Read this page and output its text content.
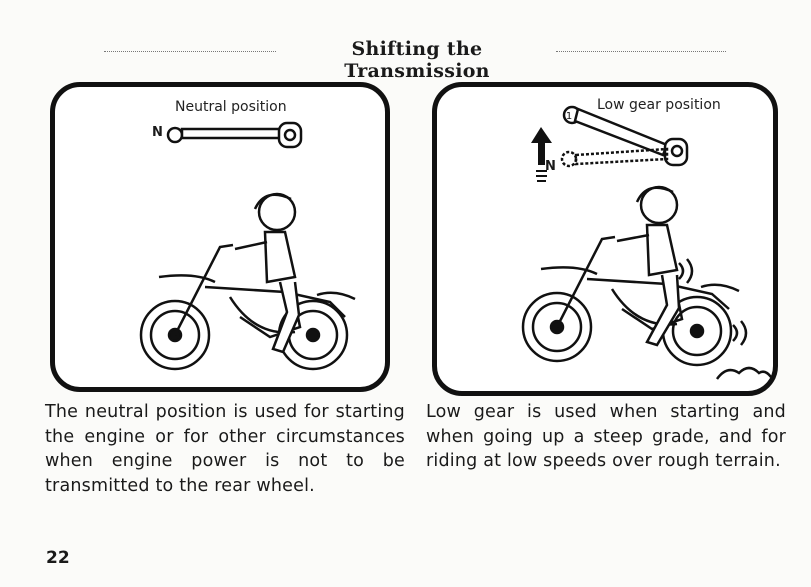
Shifting the Transmission
Neutral position
N
Low gear position
N
1
The neutral position is used for starting the engine or for other circumstances when engine power is not to be transmitted to the rear wheel.
Low gear is used when starting and when going up a steep grade, and for riding at low speeds over rough terrain.
22
